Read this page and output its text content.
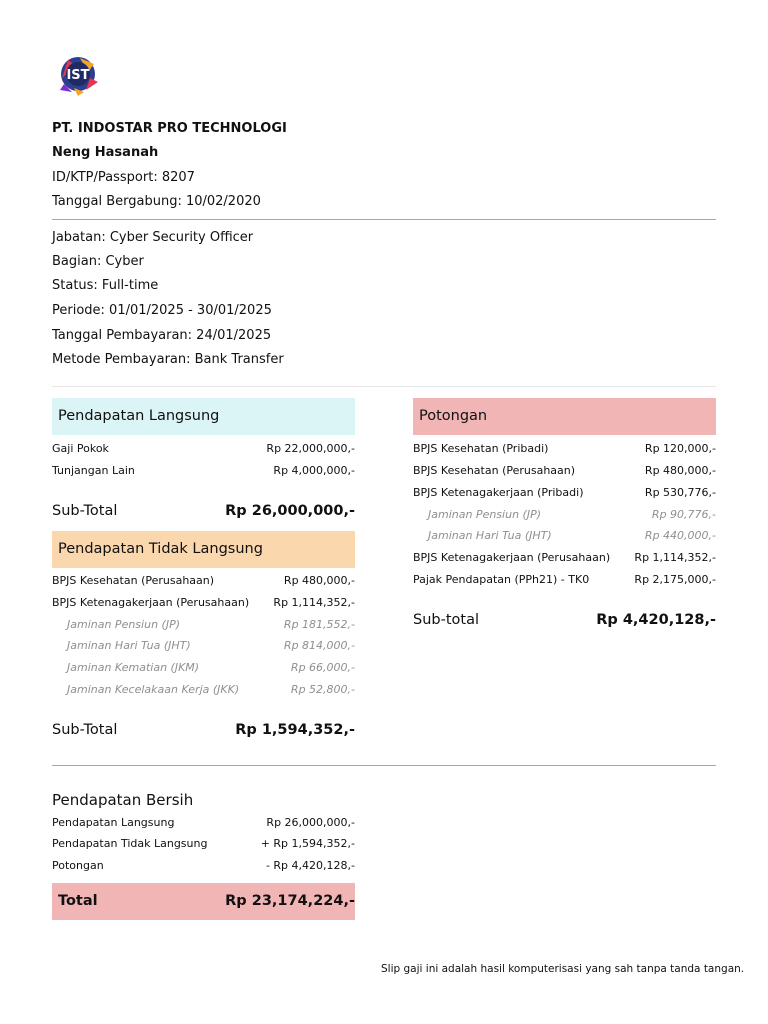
IST
PT. INDOSTAR PRO TECHNOLOGI
Neng Hasanah
ID/KTP/Passport: 8207
Tanggal Bergabung: 10/02/2020
Jabatan: Cyber Security Officer
Bagian: Cyber
Status: Full-time
Periode: 01/01/2025 - 30/01/2025
Tanggal Pembayaran: 24/01/2025
Metode Pembayaran: Bank Transfer
Pendapatan Langsung
Gaji Pokok	Rp 22,000,000,-
Tunjangan Lain	Rp 4,000,000,-
Sub-Total	Rp 26,000,000,-
Pendapatan Tidak Langsung
BPJS Kesehatan (Perusahaan)	Rp 480,000,-
BPJS Ketenagakerjaan (Perusahaan) Rp 1,114,352,-
Jaminan Pensiun (JP)	Rp 181,552,-
Jaminan Hari Tua (JHT)	Rp 814,000,-
Jaminan Kematian (JKM)	Rp 66,000,-
Jaminan Kecelakaan Kerja (JKK)	Rp 52,800,-
Sub-Total	Rp 1,594,352,-
Potongan
BPJS Kesehatan (Pribadi)	Rp 120,000,-
BPJS Kesehatan (Perusahaan)	Rp 480,000,-
BPJS Ketenagakerjaan (Pribadi)	Rp 530,776,-
Jaminan Pensiun (JP)	Rp 90,776,-
Jaminan Hari Tua (JHT)	Rp 440,000,-
BPJS Ketenagakerjaan (Perusahaan) Rp 1,114,352,-
Pajak Pendapatan (PPh21) - TK0	Rp 2,175,000,-
Sub-total	Rp 4,420,128,-
Pendapatan Bersih
Pendapatan Langsung	Rp 26,000,000,-
Pendapatan Tidak Langsung	+ Rp 1,594,352,-
Potongan	- Rp 4,420,128,-
Total	Rp 23,174,224,-
Slip gaji ini adalah hasil komputerisasi yang sah tanpa tanda tangan.
